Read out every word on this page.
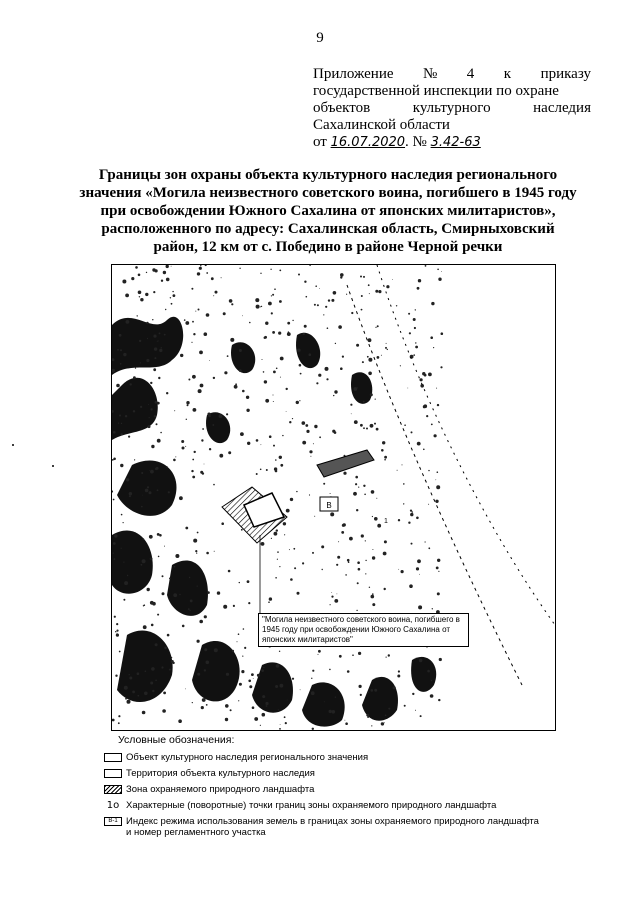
9
Приложение № 4 к приказу
государственной инспекции по охране
объектов	культурного	наследия
Сахалинской области
от 16.07.2020. № 3.42-63
Границы зон охраны объекта культурного наследия регионального значения «Могила неизвестного советского воина, погибшего в 1945 году при освобождении Южного Сахалина от японских милитаристов», расположенного по адресу: Сахалинская область, Смирныховский район, 12 км от с. Победино в районе Черной речки
В
1
"Могила неизвестного советского воина, погибшего в 1945 году при освобождении Южного Сахалина от японских милитаристов"
Условные обозначения:
Объект культурного наследия регионального значения
Территория объекта культурного наследия
Зона охраняемого природного ландшафта
1o Характерные (поворотные) точки границ зоны охраняемого природного ландшафта
В-1 Индекс режима использования земель в границах зоны охраняемого природного ландшафта и номер регламентного участка
